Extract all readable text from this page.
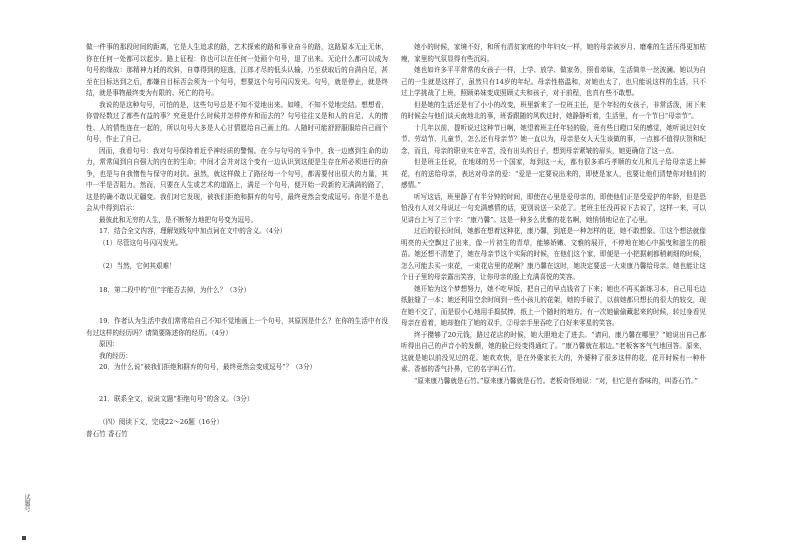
做一件事的那段时间的距离，它是人生追求的路，艺术探索的路和事业奋斗的路，这路原本无止无休，你在任何一处都可以起步。路上征程：你也可以在任何一处画个句号，退了出来。无论什么都可以成为句号的缘故：那精神力耗的坎斜，自尊得到的迎逃，江郎才尽的低头认输，乃至获取后的自满自足，甚至在目标达到之后，都嫌自目标否会须为一个句号，想要这个句号闪闪发光。句号，就是停止，就是终结，就是事物最终变为有限的、死亡的符号。

我说的是这种句号，可怕的是，这些句号总是不知不觉地出来。如唯，不知不觉地完结。想想看，你曾经数过了都些有益的事？究竟是什么时候并怎样停弃和而去的？句号往往又是和人的自足、人的惰性、人的情性连在一起的，所以句号大多是人心甘情愿给自己画上的。人随时可能舒舒服服给自己画个句号，作止了自己。

因而，我看句号：我对句号保持着近乎神经质的警惕。在今与句号的斗争中，我一边感到生命的动力，常常闻到自自强大的内在的生命；中间才会并对这个变有一边认识到这便是生存在所必须进行的奋争，也是与自我惰性与保守的对抗。虽然，就这样做上了路径每一个句号，都需要付出很大的力量，其中一半是否阻力。然而，只要在人生或艺术的道路上，满足一个句号，便开始一段新的无满满的路了，这是的确不敢以无疆变。我们对它发现，被我们拒绝和摒弃的句号，最终竟然会变成逗号。你是不是也会从中得到启示：

最彼此和无穷的人生，是不断努力地把句号变为逗号。

17．结合全文内容，理解划线句中加点词在文中的含义。（4分）

（1）尽管这句号闪闪发光。

（2）当然，它何其艰难！

18．第二段中的“但”字能否去掉，为什么？（3分）

19．作者认为生活中我们常常给自己不知不觉地画上一个句号，其原因是什么？在你的生活中有没有过这样的经历吗？请简要陈述你的经历。（4分）

原因：

我的经历：

20．为什么说“被我们拒绝和摒弃的句号，最终竟然会变成逗号”？（3分）

21．联系全文，说说文题“拒绝句号”的含义。（3分）

（四）阅读下文，完成22～26题（16分）

普石竹 香石竹

她小的时候，家境不好，和所有清贫家庭的中年妇女一样，她的母亲被岁月、磨难的生活压得更加枯瘦，家里的气氛显得有些沉闷。

她也如许多平平常常的女孩子一样，上学、放学、做家务，照看弟妹，生活简单一丝波澜。她以为自己的一生就是这样了，虽然只有14岁的年纪。母亲性格温和，对她也太了，也只能说这样的生活，只不过上学挑战了上班，照顾弟妹变成照顾丈夫和孩子，对于前程，也真有些不敢想。

但是她的生活还是有了小小的改变，班里新来了一位班主任，是个年轻的女孩子，非常活泼，闲下来的时候会与他们谈天南地北的事，班香跟随的风吹过时，她静静听着，生活里，有一个节日“母亲节”。

十几年以前，提听说过这种节日啊，她望着班主任年轻的脸，竟有些目瞪口呆的感觉，她听说过妇女节、劳动节、儿童节，怎么还有母亲节？她一直以为，母亲是女人天生该做的事，一点都不值得庆贺和纪念，而且，母亲的职业实在辛苦，没有出头的日子，想到母亲紧皱的眉头，她更确信了这一点。

但是班主任说，在地球的另一个国家，每到这一天，都有很多乖巧孝顺的女儿和儿子给母亲送上鲜花，有的送给母亲，表达对母亲的爱：“爱是一定要说出来的，即使是家人，也要让他们清楚你对他们的感情。”

听写这话，班里静了有半分钟的时间，即使在心里是爱母亲的，即使他们正是受爱护的年龄，但是恐怕没有人对父母说过一句充满感情的话，更别说送一朵花了。老班主任没再说下去说了，这样一来，可以见讲台上写了三个字：“康乃馨”。这是一种多么优雅的花名啊，她悄悄地记在了心里。

过后的很长时间，她都在想着这种花，康乃馨，到底是一种怎样的花，她不敢想象。①这个想法就像明亮的天空飘过了出来，像一片初生的青草，能够娇嫩、文雅的展开，不停地在她心中摇曳和滋生的根苗。她还想不清楚了，她在母亲节这个实际的时候，在他们这个家，即便是一小把据刺都稍刺细的时候，怎么可能去买一束花，一束花店里的花啊？康乃馨在这时，她决定要送一大束康乃馨给母亲。她也能让这个日子里的母亲露出笑容，让你母亲的脸上充满喜悦的笑容。

她开始为这个梦想努力，她不吃早饭，把自己的早点钱省了下来；她也不再买新练习本，自己用毛边纸脏缝了一本；她还利用空余时间到一些小孩儿的花架，她的手破了，以前她都只想长的很大的较交，现在她不交了，而是很小心地用手捣拭捧，纸上一个随时的地方。有一次她偷偷藏起来的时候，转过身看见母亲在看着，她却抱住了她的双手，②母亲手里吞吃了白好来零星的笑容。

终于攒够了20元钱，路过花店的时候，她大胆地走了进去。“请问，康乃馨在哪里？”她说出自己都听得出自己的声音小的发颤，她的脸已经变得通红了。“康乃馨就在那边。”老板客客气气地回答。原来，这就是她以前没见过的花。她欢欢快，是在外婆家长大的，外婆种了很多这样的花，花开时候有一种朴素、香郁的香气扑鼻，它的名字叫石竹。

“原来康乃馨就是石竹。”原来康乃馨就是石竹。老板奇怪地说：“对，但它是有香味的，叫香石竹。”

试题号
